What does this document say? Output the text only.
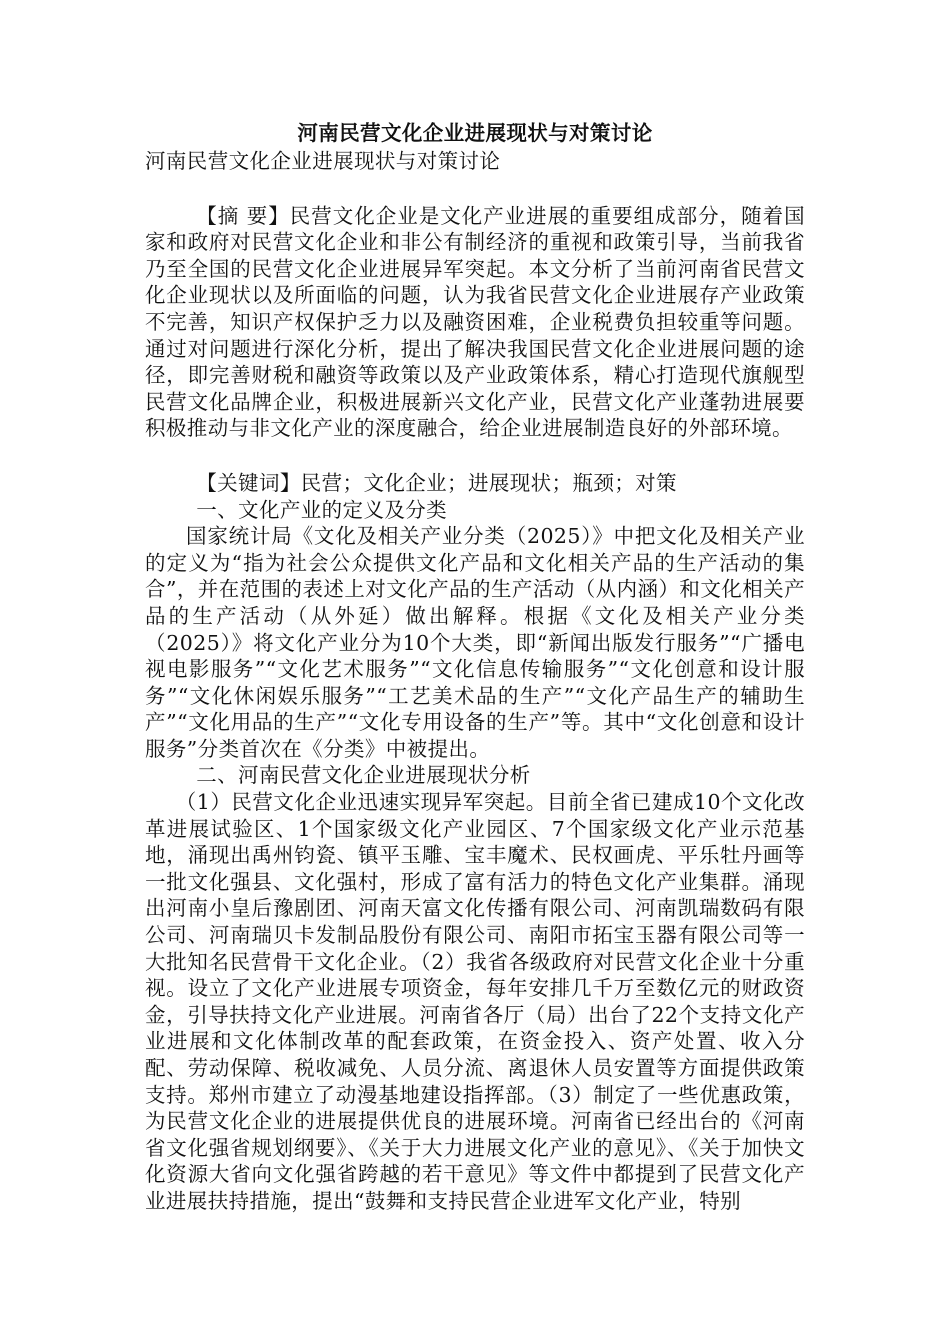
河南民营文化企业进展现状与对策讨论

河南民营文化企业进展现状与对策讨论

【摘 要】民营文化企业是文化产业进展的重要组成部分，随着国家和政府对民营文化企业和非公有制经济的重视和政策引导，当前我省乃至全国的民营文化企业进展异军突起。本文分析了当前河南省民营文化企业现状以及所面临的问题，认为我省民营文化企业进展存产业政策不完善，知识产权保护乏力以及融资困难，企业税费负担较重等问题。通过对问题进行深化分析，提出了解决我国民营文化企业进展问题的途径，即完善财税和融资等政策以及产业政策体系，精心打造现代旗舰型民营文化品牌企业，积极进展新兴文化产业，民营文化产业蓬勃进展要积极推动与非文化产业的深度融合，给企业进展制造良好的外部环境。

【关键词】民营；文化企业；进展现状；瓶颈；对策

一、文化产业的定义及分类

国家统计局《文化及相关产业分类（2025）》中把文化及相关产业的定义为“指为社会公众提供文化产品和文化相关产品的生产活动的集合”，并在范围的表述上对文化产品的生产活动（从内涵）和文化相关产品的生产活动（从外延）做出解释。根据《文化及相关产业分类（2025）》将文化产业分为10个大类，即“新闻出版发行服务”“广播电视电影服务”“文化艺术服务”“文化信息传输服务”“文化创意和设计服务”“文化休闲娱乐服务”“工艺美术品的生产”“文化产品生产的辅助生产”“文化用品的生产”“文化专用设备的生产”等。其中“文化创意和设计服务”分类首次在《分类》中被提出。

二、河南民营文化企业进展现状分析

（1）民营文化企业迅速实现异军突起。目前全省已建成10个文化改革进展试验区、1个国家级文化产业园区、7个国家级文化产业示范基地，涌现出禹州钧瓷、镇平玉雕、宝丰魔术、民权画虎、平乐牡丹画等一批文化强县、文化强村，形成了富有活力的特色文化产业集群。涌现出河南小皇后豫剧团、河南天富文化传播有限公司、河南凯瑞数码有限公司、河南瑞贝卡发制品股份有限公司、南阳市拓宝玉器有限公司等一大批知名民营骨干文化企业。（2）我省各级政府对民营文化企业十分重视。设立了文化产业进展专项资金，每年安排几千万至数亿元的财政资金，引导扶持文化产业进展。河南省各厅（局）出台了22个支持文化产业进展和文化体制改革的配套政策，在资金投入、资产处置、收入分配、劳动保障、税收减免、人员分流、离退休人员安置等方面提供政策支持。郑州市建立了动漫基地建设指挥部。（3）制定了一些优惠政策，为民营文化企业的进展提供优良的进展环境。河南省已经出台的《河南省文化强省规划纲要》、《关于大力进展文化产业的意见》、《关于加快文化资源大省向文化强省跨越的若干意见》等文件中都提到了民营文化产业进展扶持措施，提出“鼓舞和支持民营企业进军文化产业，特别
